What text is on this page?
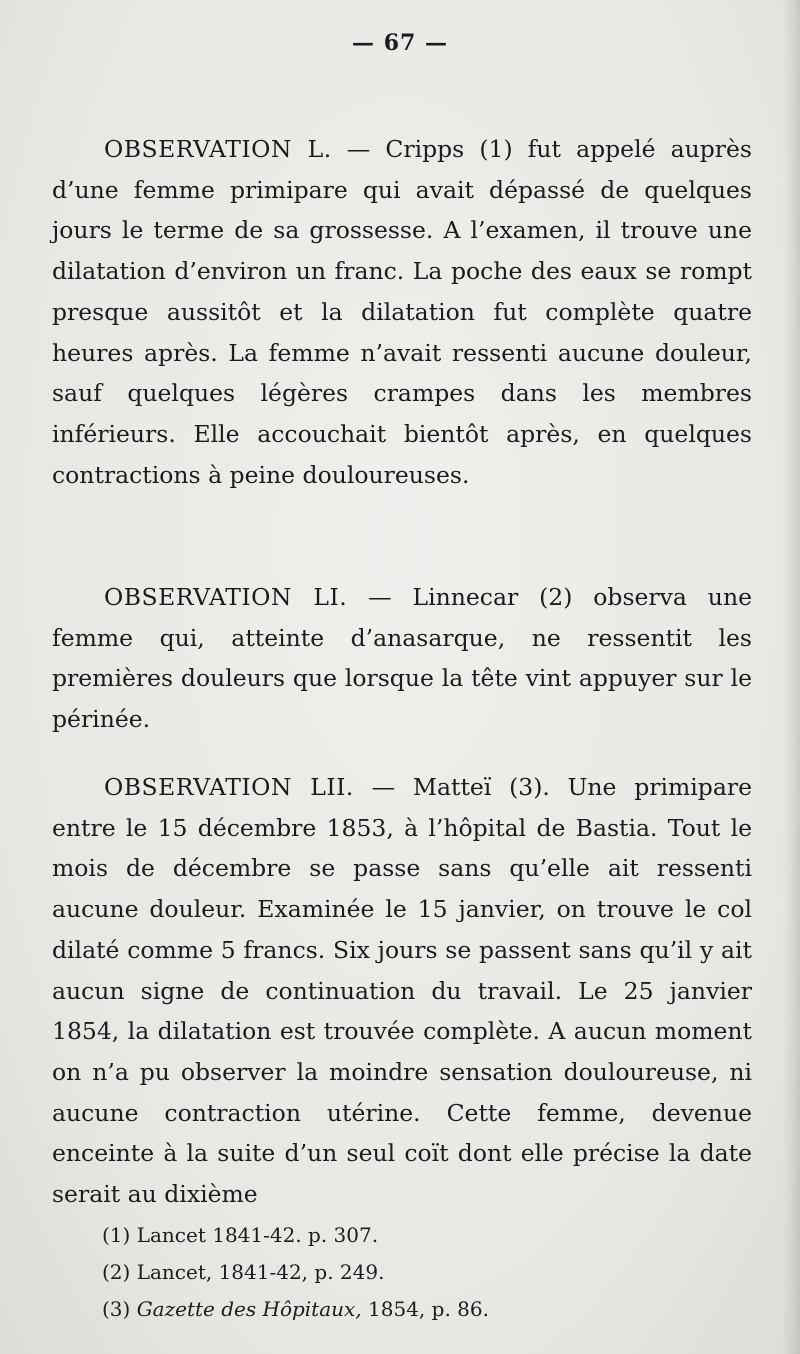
— 67 —

OBSERVATION L. — Cripps (1) fut appelé auprès d’une femme primipare qui avait dépassé de quelques jours le terme de sa grossesse. A l’examen, il trouve une dilatation d’environ un franc. La poche des eaux se rompt presque aussitôt et la dilatation fut complète quatre heures après. La femme n’avait ressenti aucune douleur, sauf quelques légères crampes dans les membres inférieurs. Elle accouchait bientôt après, en quelques contractions à peine douloureuses.

OBSERVATION LI. — Linnecar (2) observa une femme qui, atteinte d’anasarque, ne ressentit les premières douleurs que lorsque la tête vint appuyer sur le périnée.

OBSERVATION LII. — Matteï (3). Une primipare entre le 15 décembre 1853, à l’hôpital de Bastia. Tout le mois de décembre se passe sans qu’elle ait ressenti aucune douleur. Examinée le 15 janvier, on trouve le col dilaté comme 5 francs. Six jours se passent sans qu’il y ait aucun signe de continuation du travail. Le 25 janvier 1854, la dilatation est trouvée complète. A aucun moment on n’a pu observer la moindre sensation douloureuse, ni aucune contraction utérine. Cette femme, devenue enceinte à la suite d’un seul coït dont elle précise la date serait au dixième

(1) Lancet 1841-42. p. 307.
(2) Lancet, 1841-42, p. 249.
(3) Gazette des Hôpitaux, 1854, p. 86.
